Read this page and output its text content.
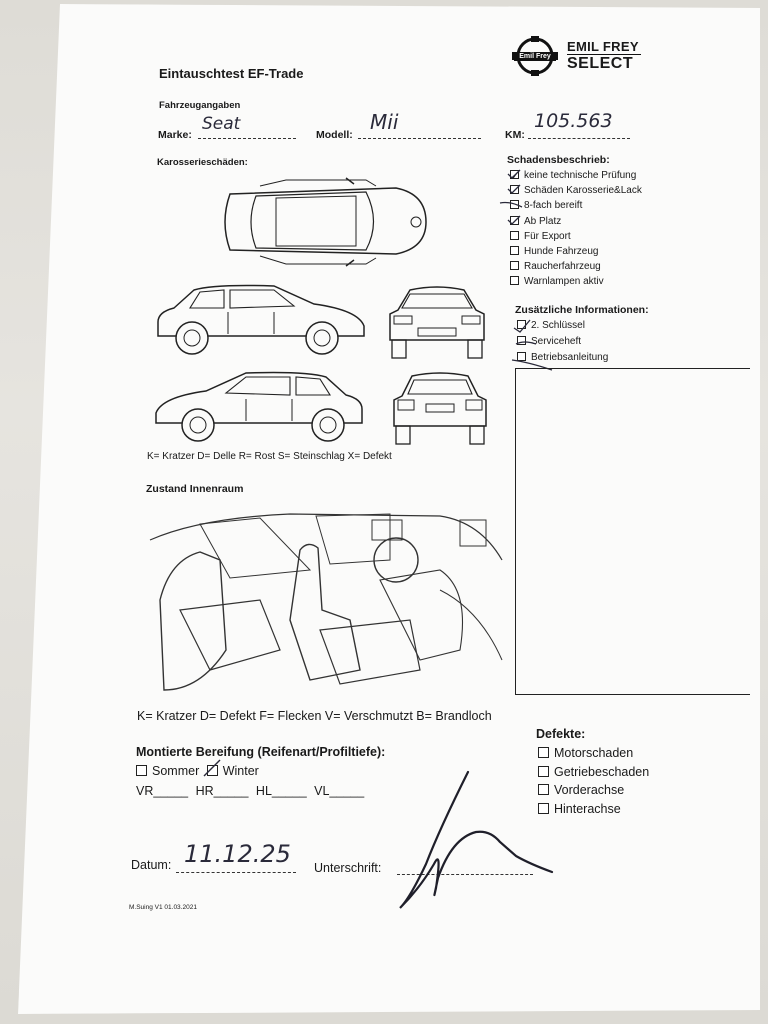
Emil Frey
EMIL FREY
SELECT
Eintauschtest EF-Trade
Fahrzeugangaben
Marke:
Seat
Modell:
Mii
KM:
105.563
Karosserieschäden:
K= Kratzer D= Delle R= Rost S= Steinschlag X= Defekt
Schadensbeschrieb:
✓ keine technische Prüfung
Schäden Karosserie&Lack
8-fach bereift
Ab Platz
Für Export
Hunde Fahrzeug
Raucherfahrzeug
Warnlampen aktiv
Zusätzliche Informationen:
2. Schlüssel
Serviceheft
Betriebsanleitung
Zustand Innenraum
K= Kratzer D= Defekt F= Flecken V= Verschmutzt B= Brandloch
Montierte Bereifung (Reifenart/Profiltiefe):
Sommer Winter
VR_____ HR_____ HL_____ VL_____
Defekte:
Motorschaden
Getriebeschaden
Vorderachse
Hinterachse
Datum: 11.12.25 Unterschrift:
M.Suing V1 01.03.2021
